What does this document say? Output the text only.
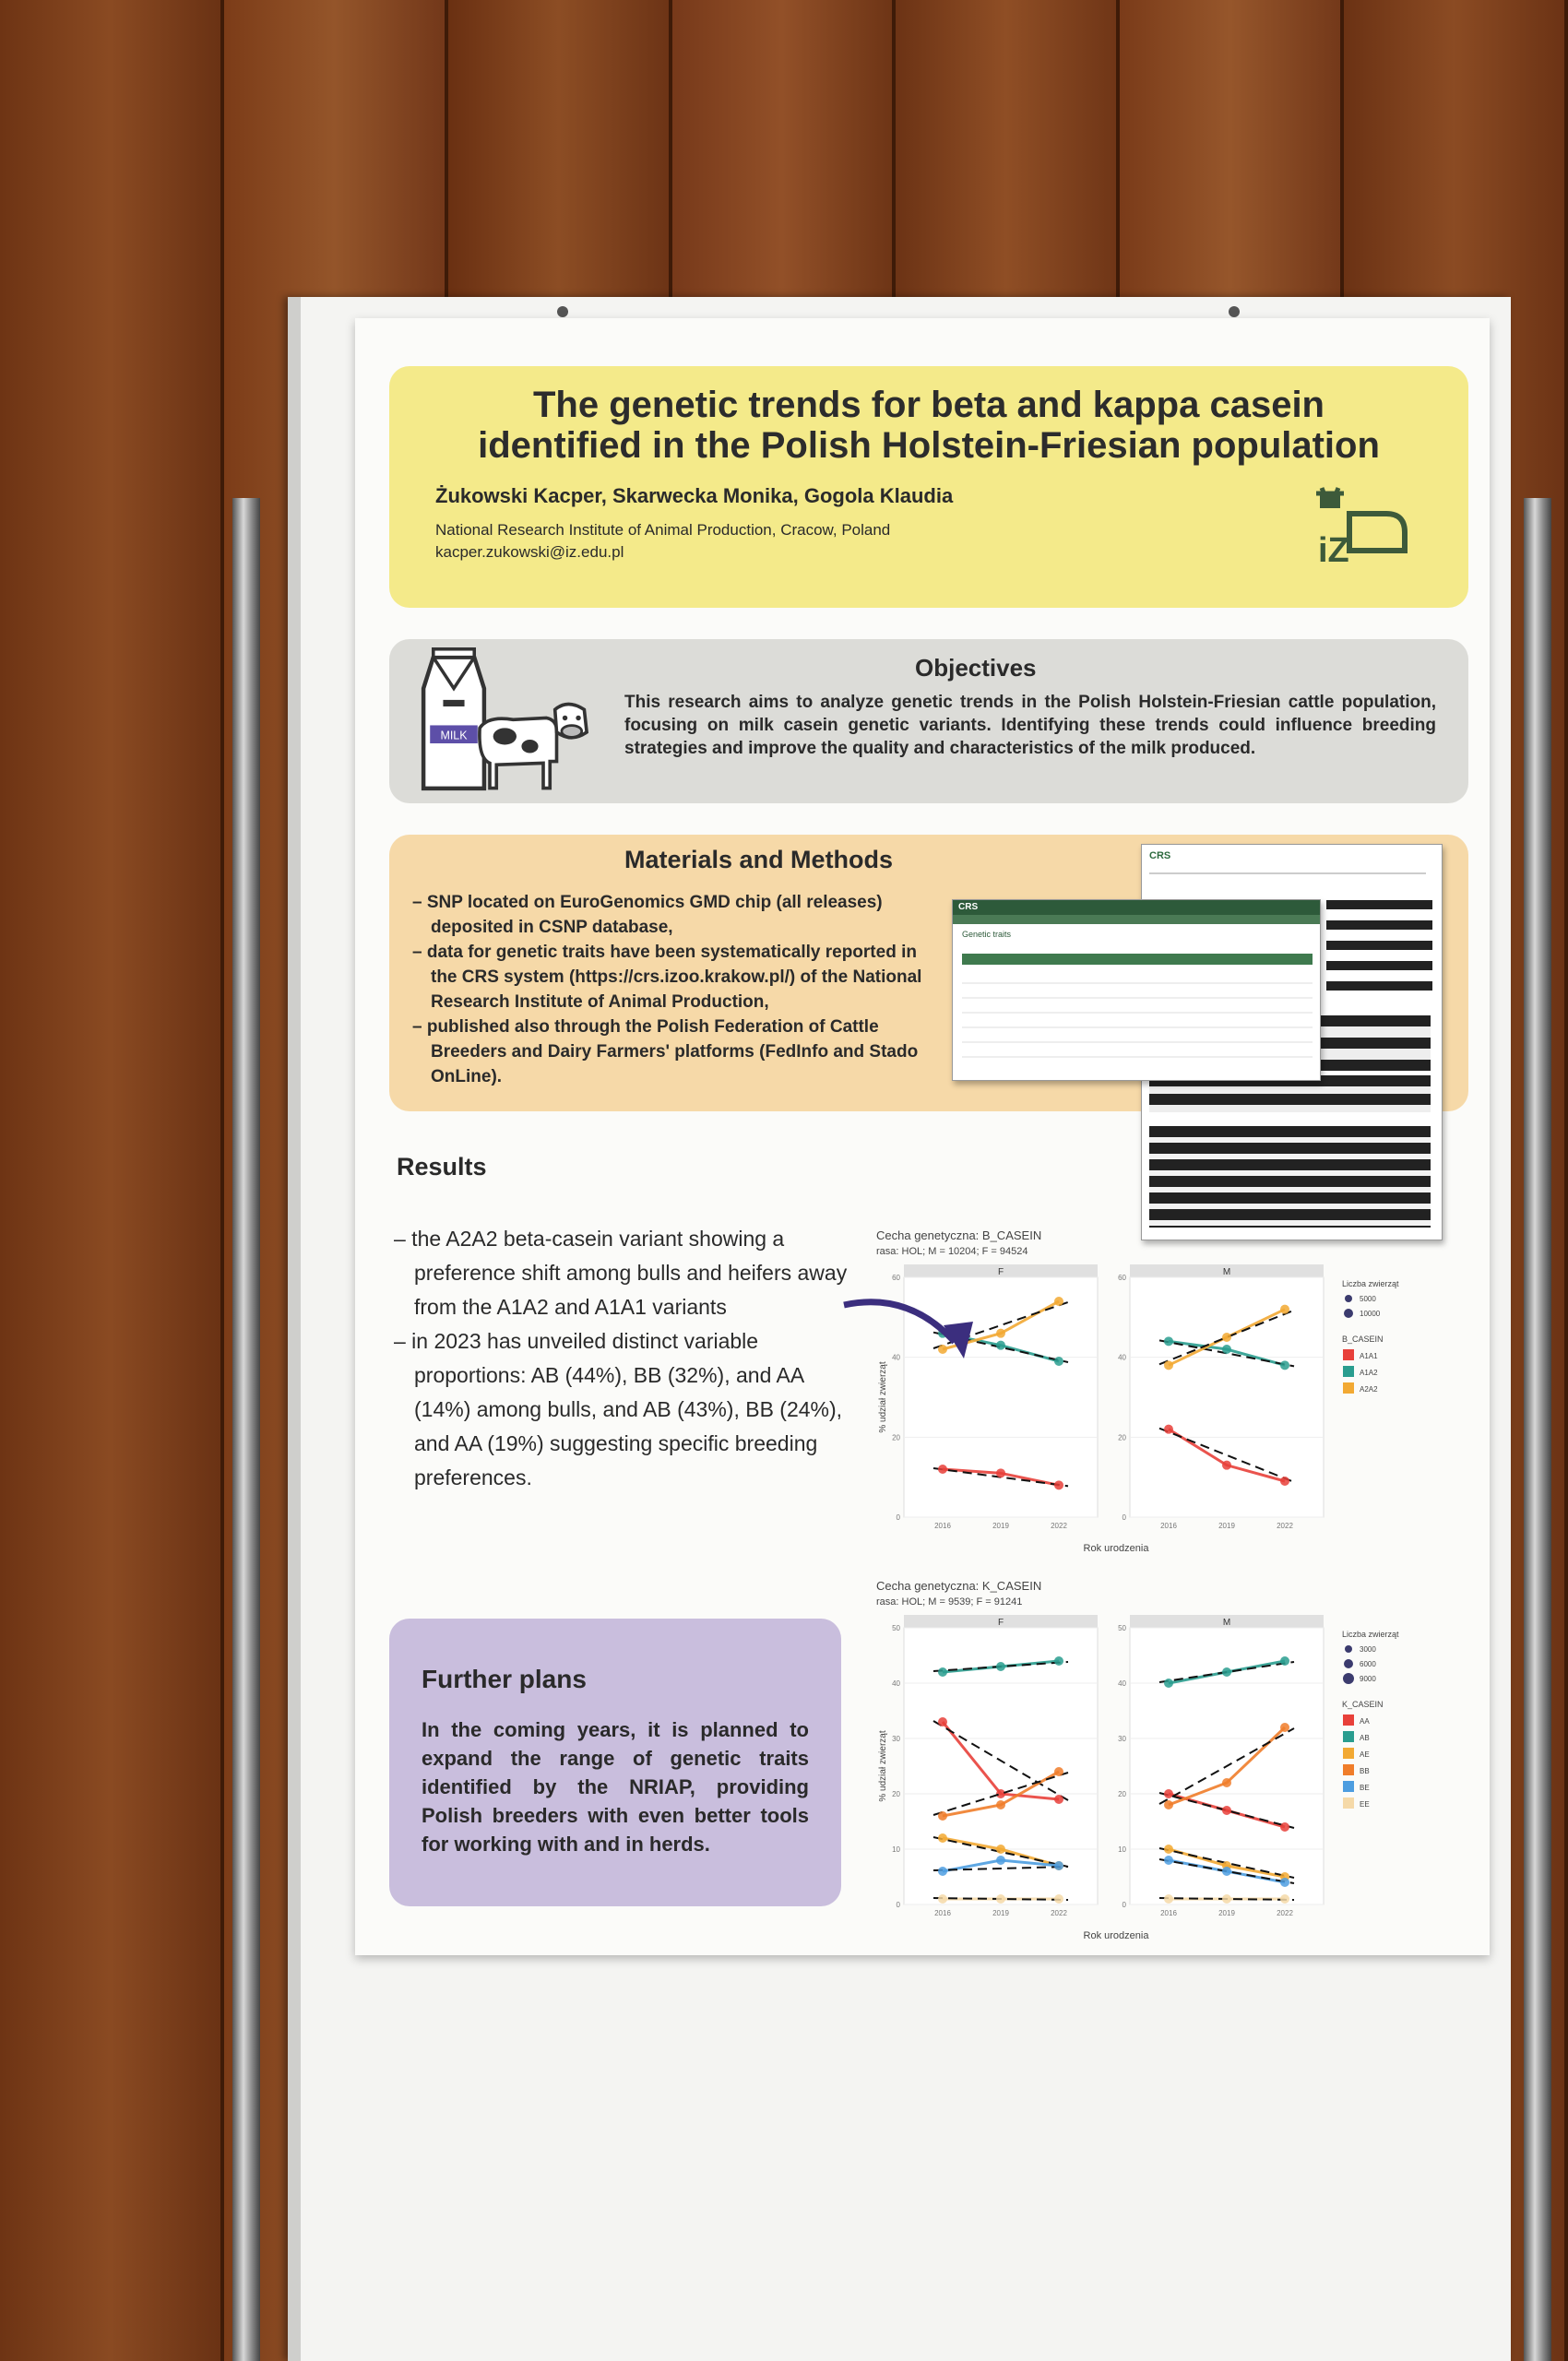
The genetic trends for beta and kappa casein
identified in the Polish Holstein-Friesian population
Żukowski Kacper, Skarwecka Monika, Gogola Klaudia
National Research Institute of Animal Production, Cracow, Poland
kacper.zukowski@iz.edu.pl	iZ
MILK
Objectives
This research aims to analyze genetic trends in the Polish Holstein-Friesian cattle population, focusing on milk casein genetic variants. Identifying these trends could influence breeding strategies and improve the quality and characteristics of the milk produced.
Materials and Methods
– SNP located on EuroGenomics GMD chip (all releases) deposited in CSNP database,
– data for genetic traits have been systematically reported in the CRS system (https://crs.izoo.krakow.pl/) of the National Research Institute of Animal Production,
– published also through the Polish Federation of Cattle Breeders and Dairy Farmers' platforms (FedInfo and Stado OnLine).
CRS
CRS
Genetic traits
Results
– the A2A2 beta-casein variant showing a preference shift among bulls and heifers away from the A1A2 and A1A1 variants
– in 2023 has unveiled distinct variable proportions: AB (44%), BB (32%), and AA (14%) among bulls, and AB (43%), BB (24%), and AA (19%) suggesting specific breeding preferences.
Further plans
In the coming years, it is planned to expand the range of genetic traits identified by the NRIAP, providing Polish breeders with even better tools for working with and in herds.
Cecha genetyczna: B_CASEIN
rasa: HOL; M = 10204; F = 94524
% udział zwierząt
Rok urodzenia
F
0
20
40
60
2016	2019	2022
M
0
20
40
60
2016	2019	2022
Liczba zwierząt
5000
10000
B_CASEIN
A1A1
A1A2
A2A2
Cecha genetyczna: K_CASEIN
rasa: HOL; M = 9539; F = 91241
% udział zwierząt
Rok urodzenia
F
0
10
20
30
40
50
2016	2019	2022
M
0
10
20
30
40
50
2016	2019	2022
Liczba zwierząt
3000
6000
9000
K_CASEIN
AA
AB
AE
BB
BE
EE
